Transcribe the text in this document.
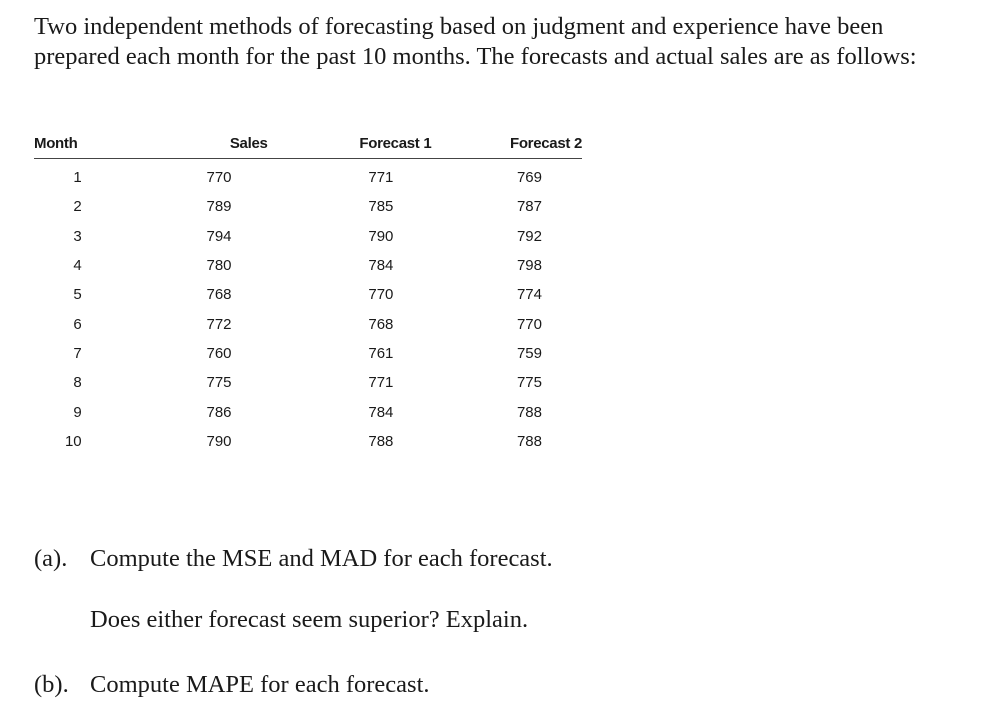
Two independent methods of forecasting based on judgment and experience have been prepared each month for the past 10 months. The forecasts and actual sales are as follows:

Month	Sales	Forecast 1	Forecast 2
1	770	771	769
2	789	785	787
3	794	790	792
4	780	784	798
5	768	770	774
6	772	768	770
7	760	761	759
8	775	771	775
9	786	784	788
10	790	788	788

(a). Compute the MSE and MAD for each forecast.

Does either forecast seem superior? Explain.

(b). Compute MAPE for each forecast.
